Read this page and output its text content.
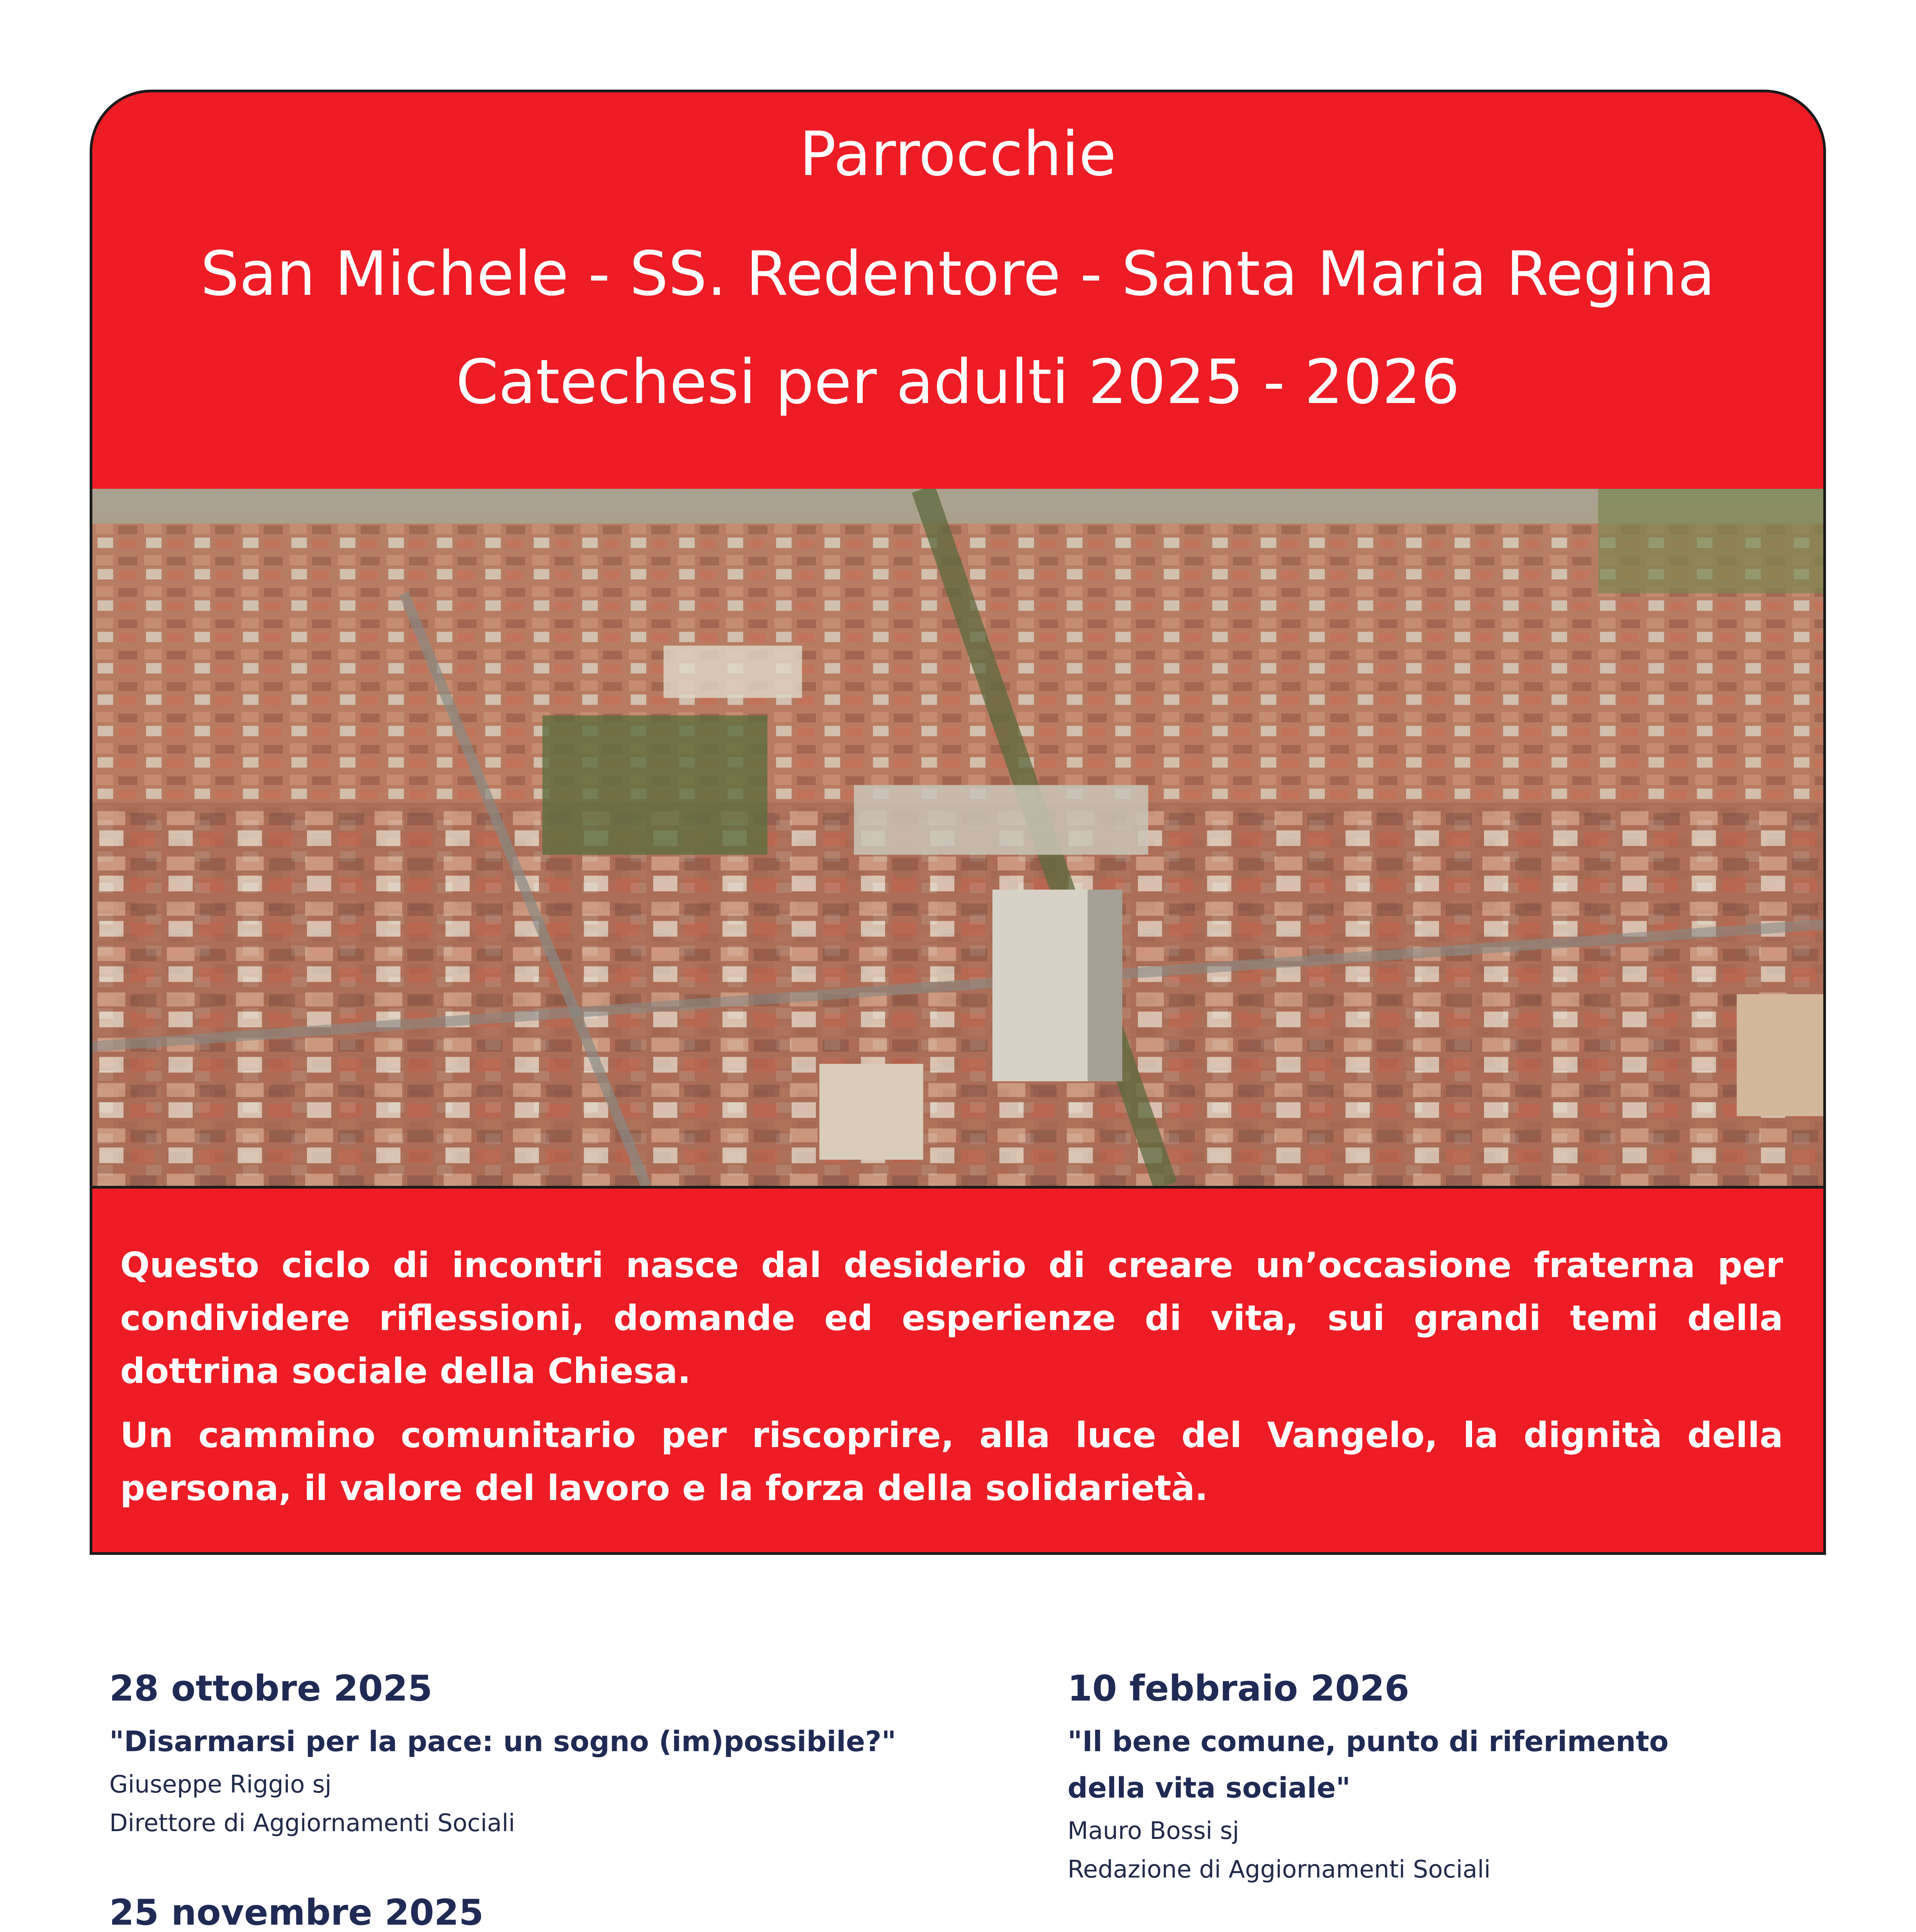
Parrocchie
San Michele - SS. Redentore - Santa Maria Regina
Catechesi per adulti 2025 - 2026

Questo ciclo di incontri nasce dal desiderio di creare un’occasione fraterna per condividere riflessioni, domande ed esperienze di vita, sui grandi temi della dottrina sociale della Chiesa.

Un cammino comunitario per riscoprire, alla luce del Vangelo, la dignità della persona, il valore del lavoro e la forza della solidarietà.

28 ottobre 2025
"Disarmarsi per la pace: un sogno (im)possibile?"
Giuseppe Riggio sj
Direttore di Aggiornamenti Sociali
25 novembre 2025
10 febbraio 2026
"Il bene comune, punto di riferimento
della vita sociale"
Mauro Bossi sj
Redazione di Aggiornamenti Sociali
